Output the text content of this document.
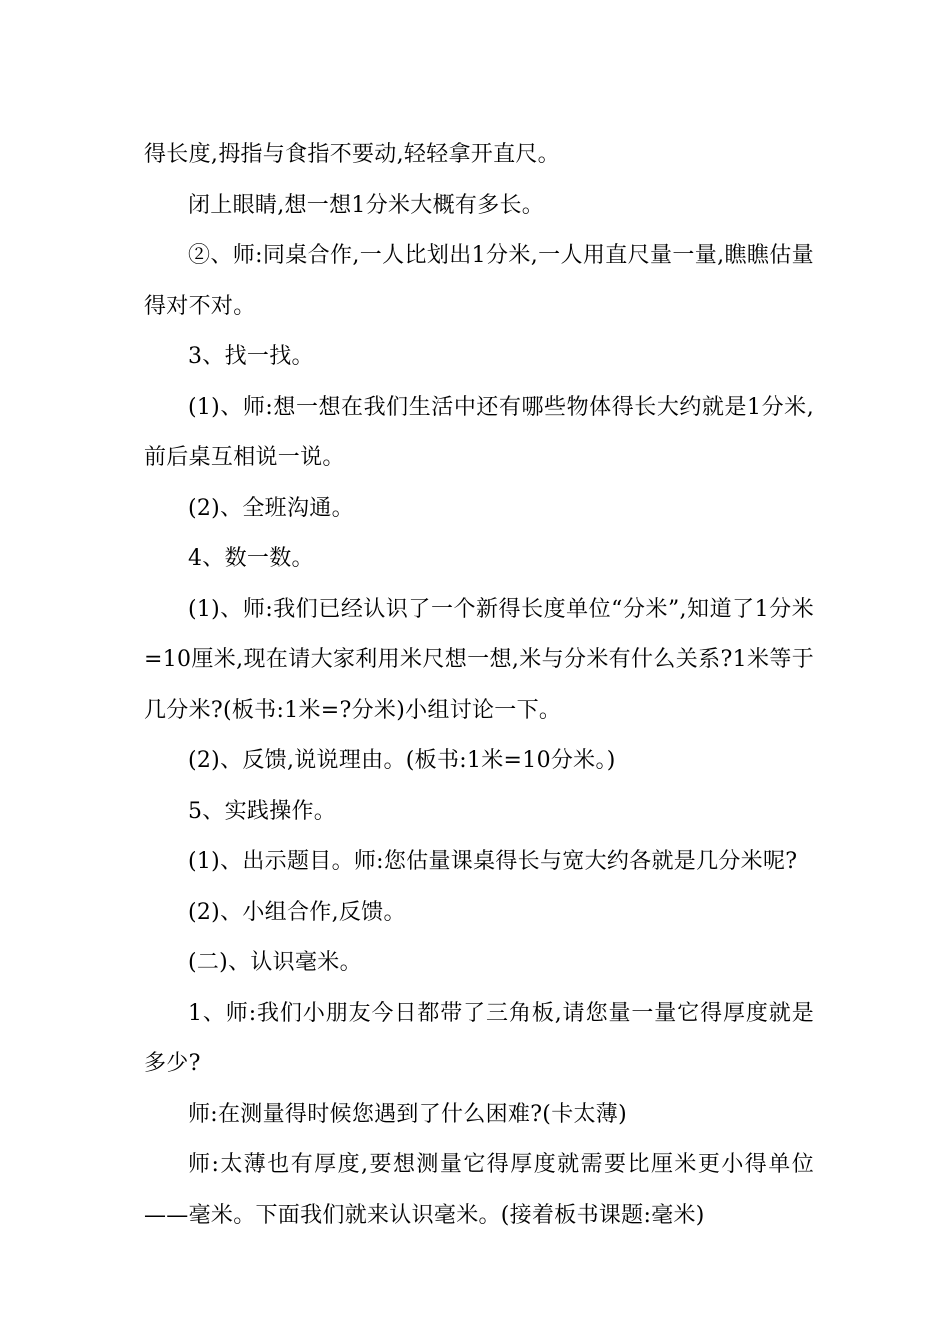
得长度,拇指与食指不要动,轻轻拿开直尺。

闭上眼睛,想一想1分米大概有多长。

②、师:同桌合作,一人比划出1分米,一人用直尺量一量,瞧瞧估量得对不对。

3、找一找。

(1)、师:想一想在我们生活中还有哪些物体得长大约就是1分米,前后桌互相说一说。

(2)、全班沟通。

4、数一数。

(1)、师:我们已经认识了一个新得长度单位“分米”,知道了1分米=10厘米,现在请大家利用米尺想一想,米与分米有什么关系?1米等于几分米?(板书:1米=?分米)小组讨论一下。

(2)、反馈,说说理由。(板书:1米=10分米。)

5、实践操作。

(1)、出示题目。师:您估量课桌得长与宽大约各就是几分米呢?

(2)、小组合作,反馈。

(二)、认识毫米。

1、师:我们小朋友今日都带了三角板,请您量一量它得厚度就是多少?

师:在测量得时候您遇到了什么困难?(卡太薄)

师:太薄也有厚度,要想测量它得厚度就需要比厘米更小得单位——毫米。下面我们就来认识毫米。(接着板书课题:毫米)
